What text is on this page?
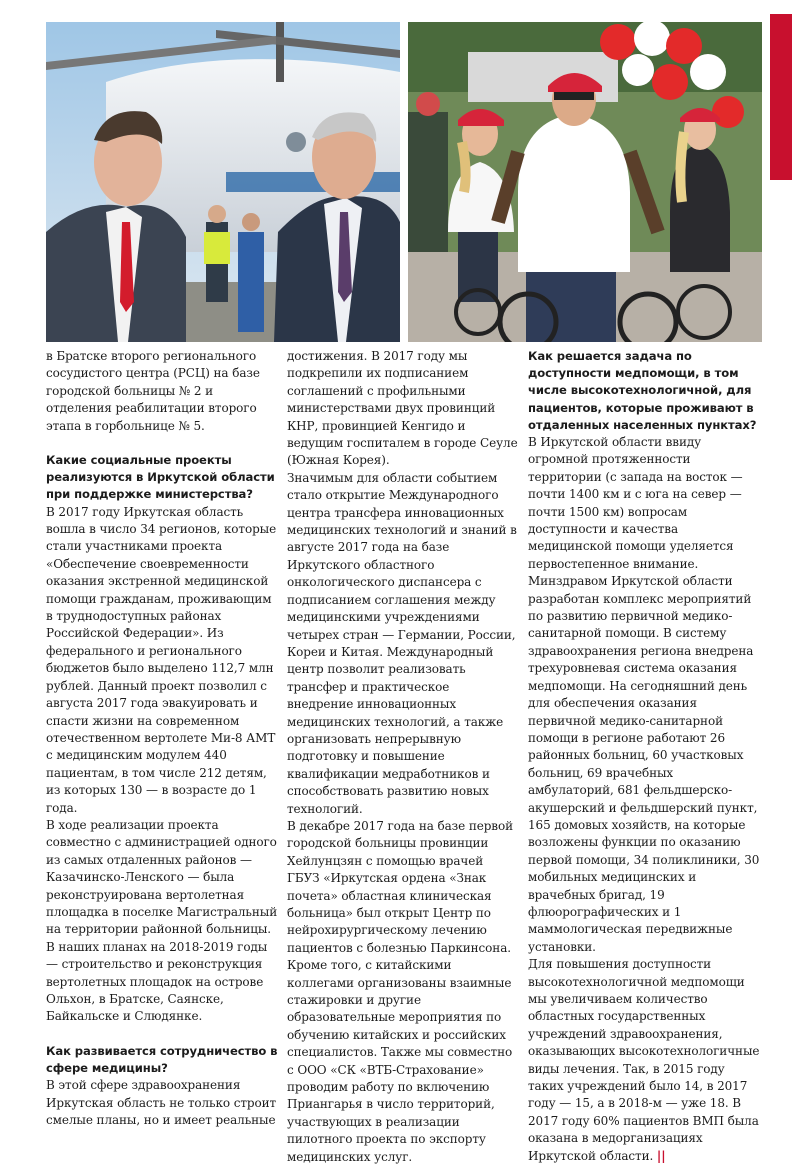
в Братске второго регионального сосудистого центра (РСЦ) на базе городской больницы № 2 и отделения реабилитации второго этапа в горбольнице № 5.

Какие социальные проекты реализуются в Иркутской области при поддержке министерства?

В 2017 году Иркутская область вошла в число 34 регионов, которые стали участниками проекта «Обеспечение своевременности оказания экстренной медицинской помощи гражданам, проживающим в труднодоступных районах Российской Федерации». Из федерального и регионального бюджетов было выделено 112,7 млн рублей. Данный проект позволил с августа 2017 года эвакуировать и спасти жизни на современном отечественном вертолете Ми-8 АМТ с медицинским модулем 440 пациентам, в том числе 212 детям, из которых 130 — в возрасте до 1 года.

В ходе реализации проекта совместно с администрацией одного из самых отдаленных районов — Казачинско-Ленского — была реконструирована вертолетная площадка в поселке Магистральный на территории районной больницы. В наших планах на 2018-2019 годы — строительство и реконструкция вертолетных площадок на острове Ольхон, в Братске, Саянске, Байкальске и Слюдянке.

Как развивается сотрудничество в сфере медицины?

В этой сфере здравоохранения Иркутская область не только строит смелые планы, но и имеет реальные

достижения. В 2017 году мы подкрепили их подписанием соглашений с профильными министерствами двух провинций КНР, провинцией Кенгидо и ведущим госпиталем в городе Сеуле (Южная Корея).

Значимым для области событием стало открытие Международного центра трансфера инновационных медицинских технологий и знаний в августе 2017 года на базе Иркутского областного онкологического диспансера с подписанием соглашения между медицинскими учреждениями четырех стран — Германии, России, Кореи и Китая. Международный центр позволит реализовать трансфер и практическое внедрение инновационных медицинских технологий, а также организовать непрерывную подготовку и повышение квалификации медработников и способствовать развитию новых технологий.

В декабре 2017 года на базе первой городской больницы провинции Хейлунцзян с помощью врачей ГБУЗ «Иркутская ордена «Знак почета» областная клиническая больница» был открыт Центр по нейрохирургическому лечению пациентов с болезнью Паркинсона. Кроме того, с китайскими коллегами организованы взаимные стажировки и другие образовательные мероприятия по обучению китайских и российских специалистов. Также мы совместно с ООО «СК «ВТБ-Страхование» проводим работу по включению Приангарья в число территорий, участвующих в реализации пилотного проекта по экспорту медицинских услуг.

Как решается задача по доступности медпомощи, в том числе высокотехнологичной, для пациентов, которые проживают в отдаленных населенных пунктах?

В Иркутской области ввиду огромной протяженности территории (с запада на восток — почти 1400 км и с юга на север — почти 1500 км) вопросам доступности и качества медицинской помощи уделяется первостепенное внимание. Минздравом Иркутской области разработан комплекс мероприятий по развитию первичной медико-санитарной помощи. В систему здравоохранения региона внедрена трехуровневая система оказания медпомощи. На сегодняшний день для обеспечения оказания первичной медико-санитарной помощи в регионе работают 26 районных больниц, 60 участковых больниц, 69 врачебных амбулаторий, 681 фельдшерско-акушерский и фельдшерский пункт, 165 домовых хозяйств, на которые возложены функции по оказанию первой помощи, 34 поликлиники, 30 мобильных медицинских и врачебных бригад, 19 флюорографических и 1 маммологическая передвижные установки.

Для повышения доступности высокотехнологичной медпомощи мы увеличиваем количество областных государственных учреждений здравоохранения, оказывающих высокотехнологичные виды лечения. Так, в 2015 году таких учреждений было 14, в 2017 году — 15, а в 2018-м — уже 18. В 2017 году 60% пациентов ВМП была оказана в медорганизациях Иркутской области. ||
